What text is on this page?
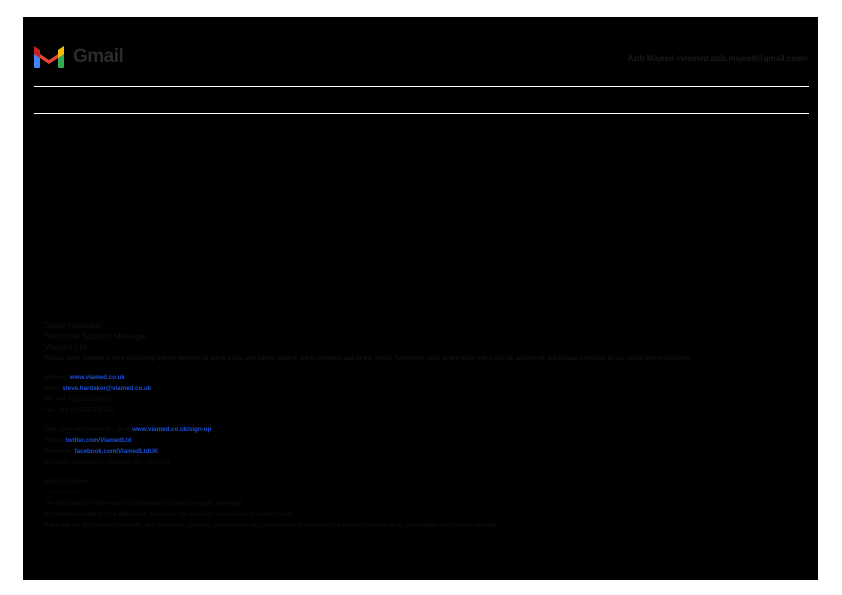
Gmail	Azib Majeed <viamed.azib.majeed@gmail.com>
Steve Hardaker
Technical Support Manager
Viamed Ltd
Please note: Viamed is now operating hybrid working to allow sales and admin staff to work remotely and in the office. Telephone calls to the main office will be answered, but please continue to use email where possible.
Website: www.viamed.co.uk
email: steve.hardaker@viamed.co.uk
Tel: +44 (0)1535 634542
Fax: +44 (0)1535 635582
Sign up to our mailing list, go to www.viamed.co.uk/sign-up
Twitter: twitter.com/ViamedLtd
Facebook: facebook.com/ViamedLtdUK
Company registered in England, No. 1201765.
Email Disclaimer
------------------
The information in this email is confidential and may be legally privileged.
It is intended solely for the addressee. Access to this email by anyone else is unauthorised.
If you are not the intended recipient, any disclosure, copying, distribution or any action taken or omitted to be taken in reliance on it, is prohibited and may be unlawful.
